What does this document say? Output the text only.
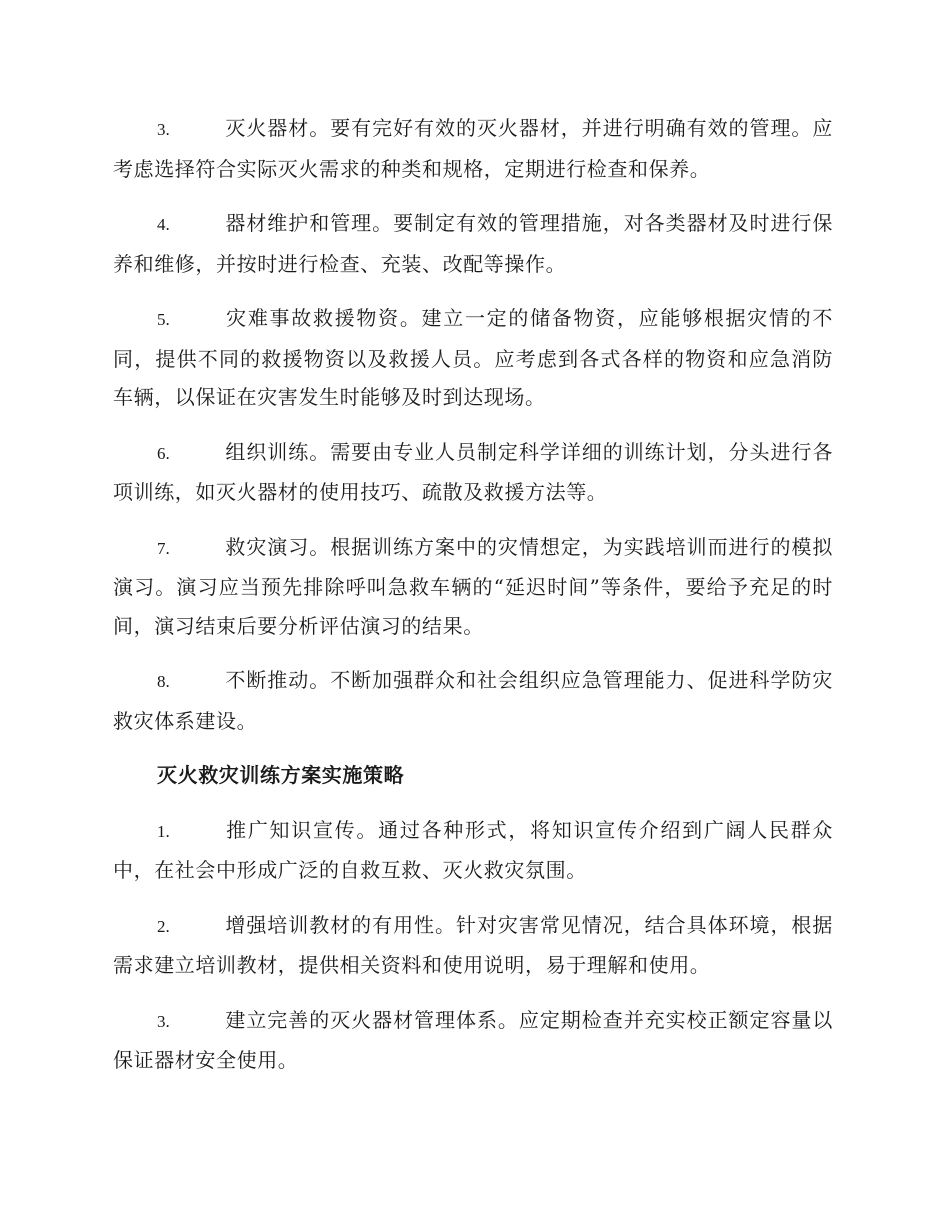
3.	灭火器材。要有完好有效的灭火器材，并进行明确有效的管理。应考虑选择符合实际灭火需求的种类和规格，定期进行检查和保养。

4.	器材维护和管理。要制定有效的管理措施，对各类器材及时进行保养和维修，并按时进行检查、充装、改配等操作。

5.	灾难事故救援物资。建立一定的储备物资，应能够根据灾情的不同，提供不同的救援物资以及救援人员。应考虑到各式各样的物资和应急消防车辆，以保证在灾害发生时能够及时到达现场。

6.	组织训练。需要由专业人员制定科学详细的训练计划，分头进行各项训练，如灭火器材的使用技巧、疏散及救援方法等。

7.	救灾演习。根据训练方案中的灾情想定，为实践培训而进行的模拟演习。演习应当预先排除呼叫急救车辆的“延迟时间”等条件，要给予充足的时间，演习结束后要分析评估演习的结果。

8.	不断推动。不断加强群众和社会组织应急管理能力、促进科学防灾救灾体系建设。

灭火救灾训练方案实施策略

1.	推广知识宣传。通过各种形式，将知识宣传介绍到广阔人民群众中，在社会中形成广泛的自救互救、灭火救灾氛围。

2.	增强培训教材的有用性。针对灾害常见情况，结合具体环境，根据需求建立培训教材，提供相关资料和使用说明，易于理解和使用。

3.	建立完善的灭火器材管理体系。应定期检查并充实校正额定容量以保证器材安全使用。
